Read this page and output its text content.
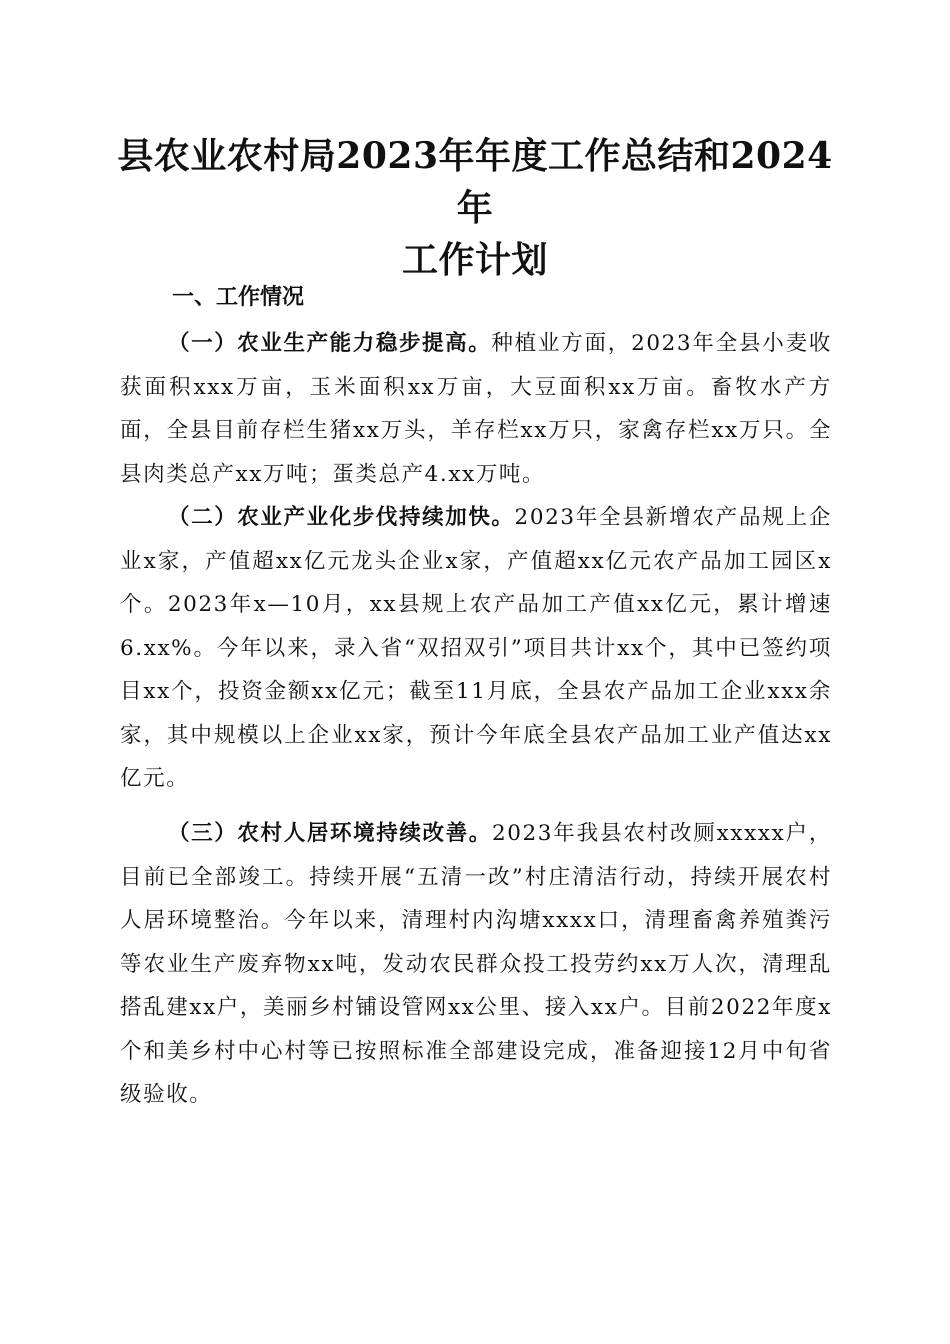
县农业农村局2023年年度工作总结和2024年
工作计划
一、工作情况

（一）农业生产能力稳步提高。种植业方面，2023年全县小麦收获面积xxx万亩，玉米面积xx万亩，大豆面积xx万亩。畜牧水产方面，全县目前存栏生猪xx万头，羊存栏xx万只，家禽存栏xx万只。全县肉类总产xx万吨；蛋类总产4.xx万吨。

（二）农业产业化步伐持续加快。2023年全县新增农产品规上企业x家，产值超xx亿元龙头企业x家，产值超xx亿元农产品加工园区x个。2023年x—10月，xx县规上农产品加工产值xx亿元，累计增速6.xx%。今年以来，录入省“双招双引”项目共计xx个，其中已签约项目xx个，投资金额xx亿元；截至11月底，全县农产品加工企业xxx余家，其中规模以上企业xx家，预计今年底全县农产品加工业产值达xx亿元。

（三）农村人居环境持续改善。2023年我县农村改厕xxxxx户，目前已全部竣工。持续开展“五清一改”村庄清洁行动，持续开展农村人居环境整治。今年以来，清理村内沟塘xxxx口，清理畜禽养殖粪污等农业生产废弃物xx吨，发动农民群众投工投劳约xx万人次，清理乱搭乱建xx户，美丽乡村铺设管网xx公里、接入xx户。目前2022年度x个和美乡村中心村等已按照标准全部建设完成，准备迎接12月中旬省级验收。
